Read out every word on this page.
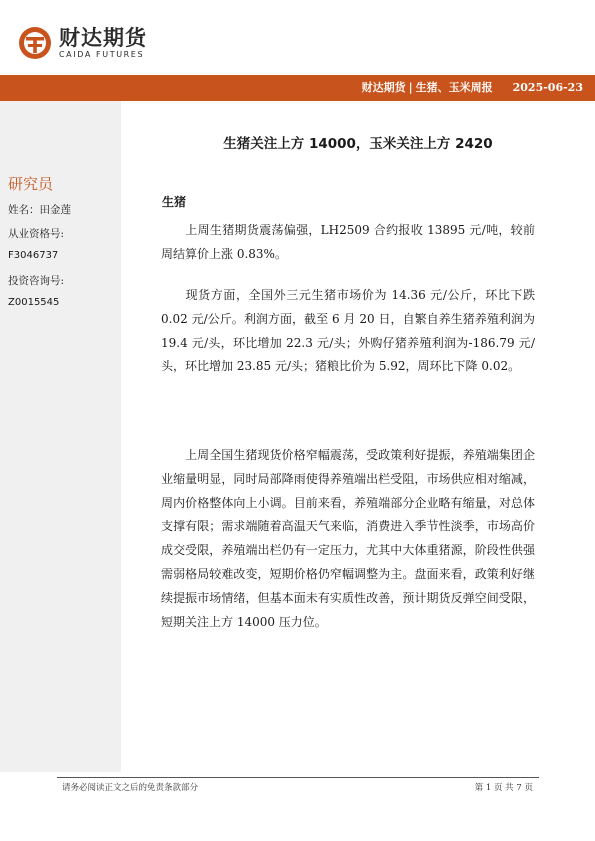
财达期货
CAIDA FUTURES
财达期货 | 生猪、玉米周报 2025-06-23
研究员
姓名：田金莲
从业资格号:
F3046737
投资咨询号:
Z0015545
生猪关注上方 14000，玉米关注上方 2420
生猪
上周生猪期货震荡偏强，LH2509 合约报收 13895 元/吨，较前周结算价上涨 0.83%。
现货方面，全国外三元生猪市场价为 14.36 元/公斤，环比下跌 0.02 元/公斤。利润方面，截至 6 月 20 日，自繁自养生猪养殖利润为 19.4 元/头，环比增加 22.3 元/头；外购仔猪养殖利润为-186.79 元/头，环比增加 23.85 元/头；猪粮比价为 5.92，周环比下降 0.02。
上周全国生猪现货价格窄幅震荡，受政策利好提振，养殖端集团企业缩量明显，同时局部降雨使得养殖端出栏受阻，市场供应相对缩减，周内价格整体向上小调。目前来看，养殖端部分企业略有缩量，对总体支撑有限；需求端随着高温天气来临，消费进入季节性淡季，市场高价成交受限，养殖端出栏仍有一定压力，尤其中大体重猪源，阶段性供强需弱格局较难改变，短期价格仍窄幅调整为主。盘面来看，政策利好继续提振市场情绪，但基本面未有实质性改善，预计期货反弹空间受限，短期关注上方 14000 压力位。
请务必阅读正文之后的免责条款部分	第 1 页 共 7 页
